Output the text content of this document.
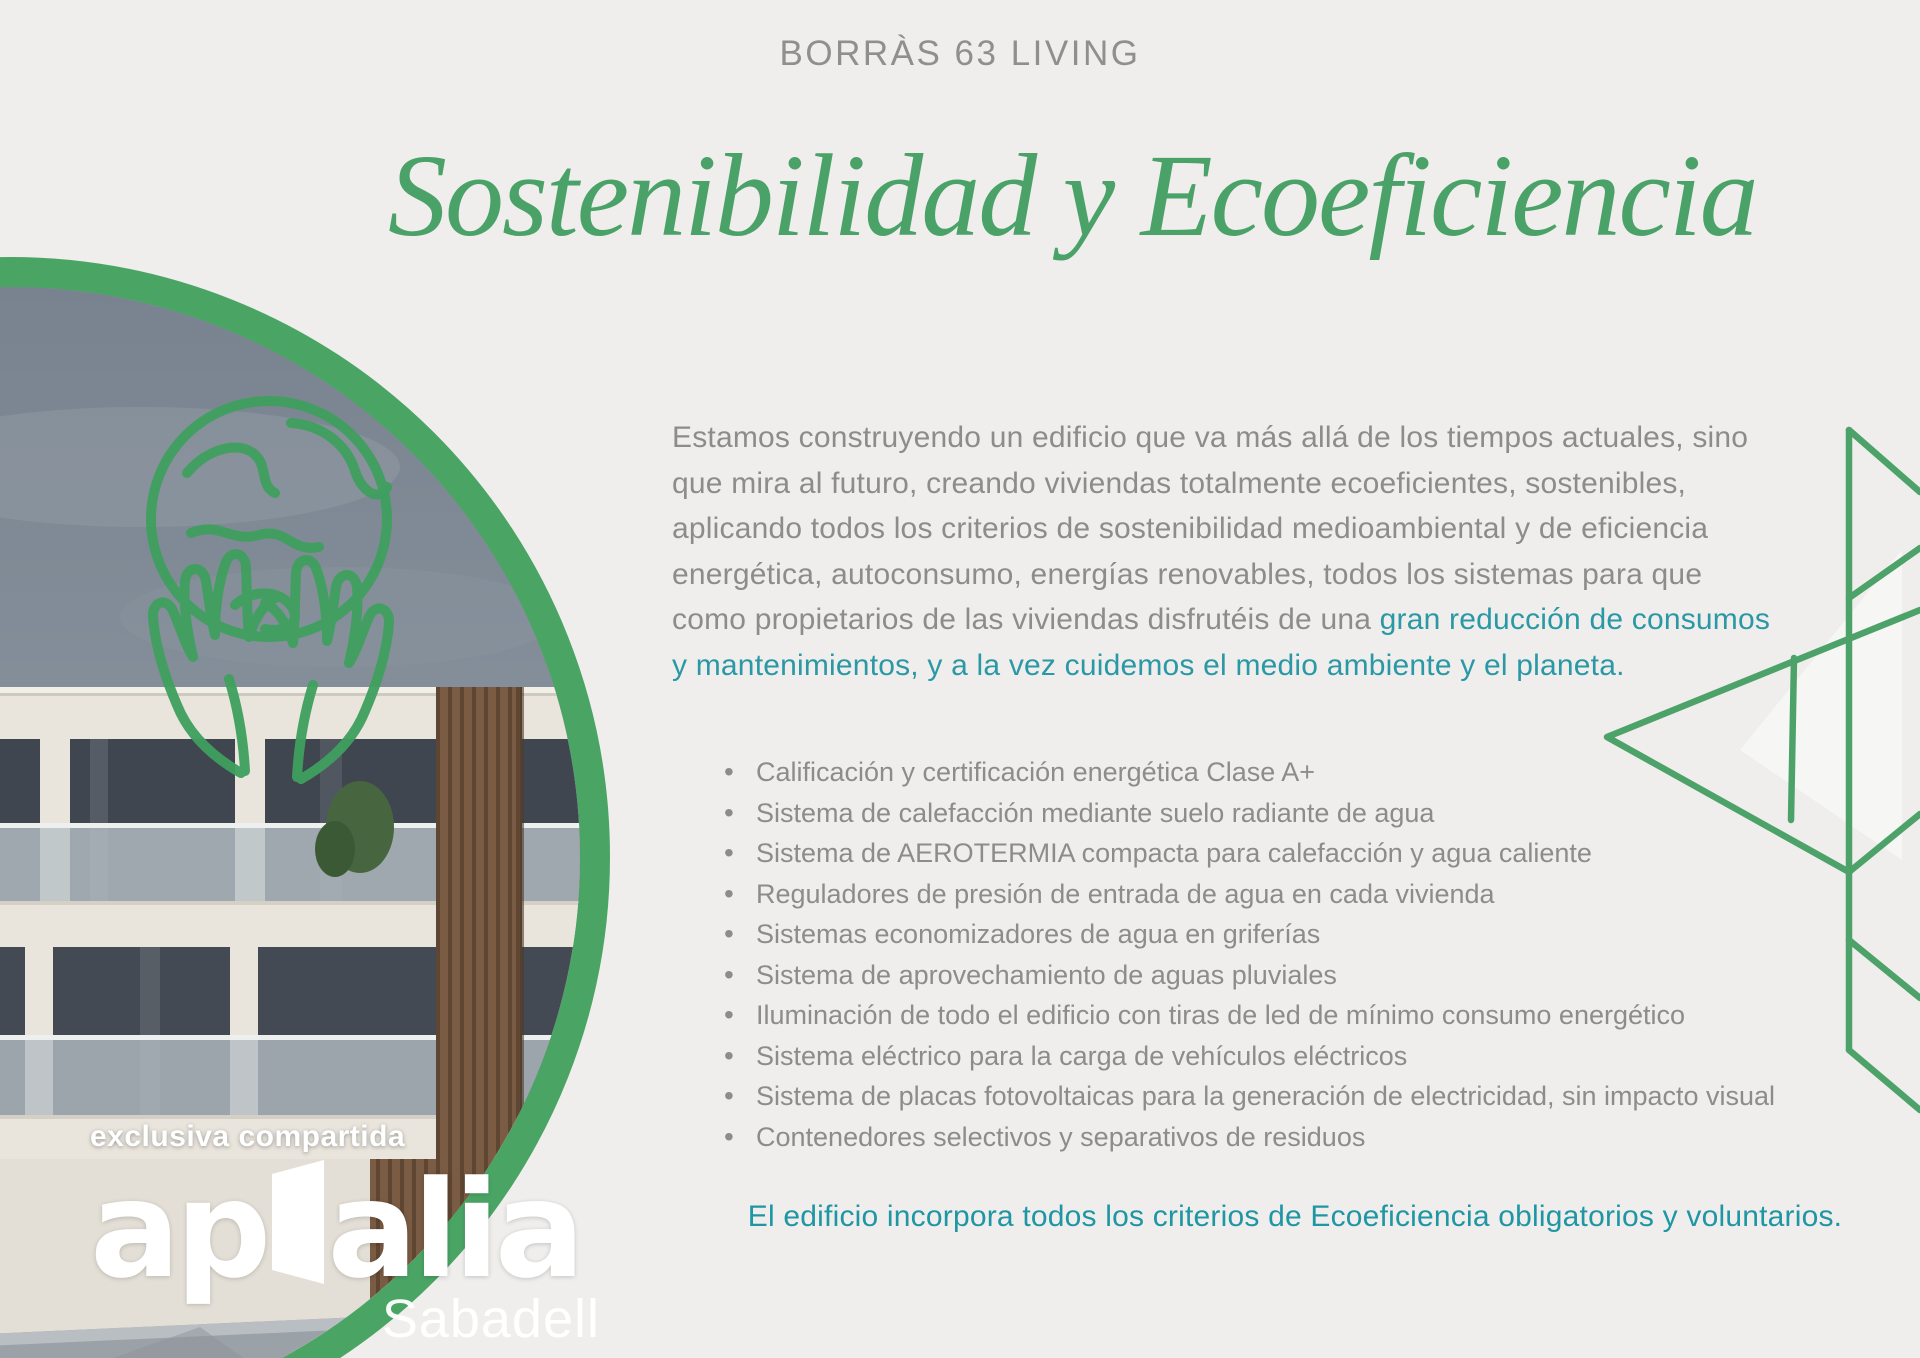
BORRÀS 63 LIVING
Sostenibilidad y Ecoeficiencia
Estamos construyendo un edificio que va más allá de los tiempos actuales, sino que mira al futuro, creando viviendas totalmente ecoeficientes, sostenibles, aplicando todos los criterios de sostenibilidad medioambiental y de eficiencia energética, autoconsumo, energías renovables, todos los sistemas para que como propietarios de las viviendas disfrutéis de una gran reducción de consumos y mantenimientos, y a la vez cuidemos el medio ambiente y el planeta.
• Calificación y certificación energética Clase A+
• Sistema de calefacción mediante suelo radiante de agua
• Sistema de AEROTERMIA compacta para calefacción y agua caliente
• Reguladores de presión de entrada de agua en cada vivienda
• Sistemas economizadores de agua en griferías
• Sistema de aprovechamiento de aguas pluviales
• Iluminación de todo el edificio con tiras de led de mínimo consumo energético
• Sistema eléctrico para la carga de vehículos eléctricos
• Sistema de placas fotovoltaicas para la generación de electricidad, sin impacto visual
• Contenedores selectivos y separativos de residuos
El edificio incorpora todos los criterios de Ecoeficiencia obligatorios y voluntarios.
exclusiva compartida
ap alia
Sabadell
